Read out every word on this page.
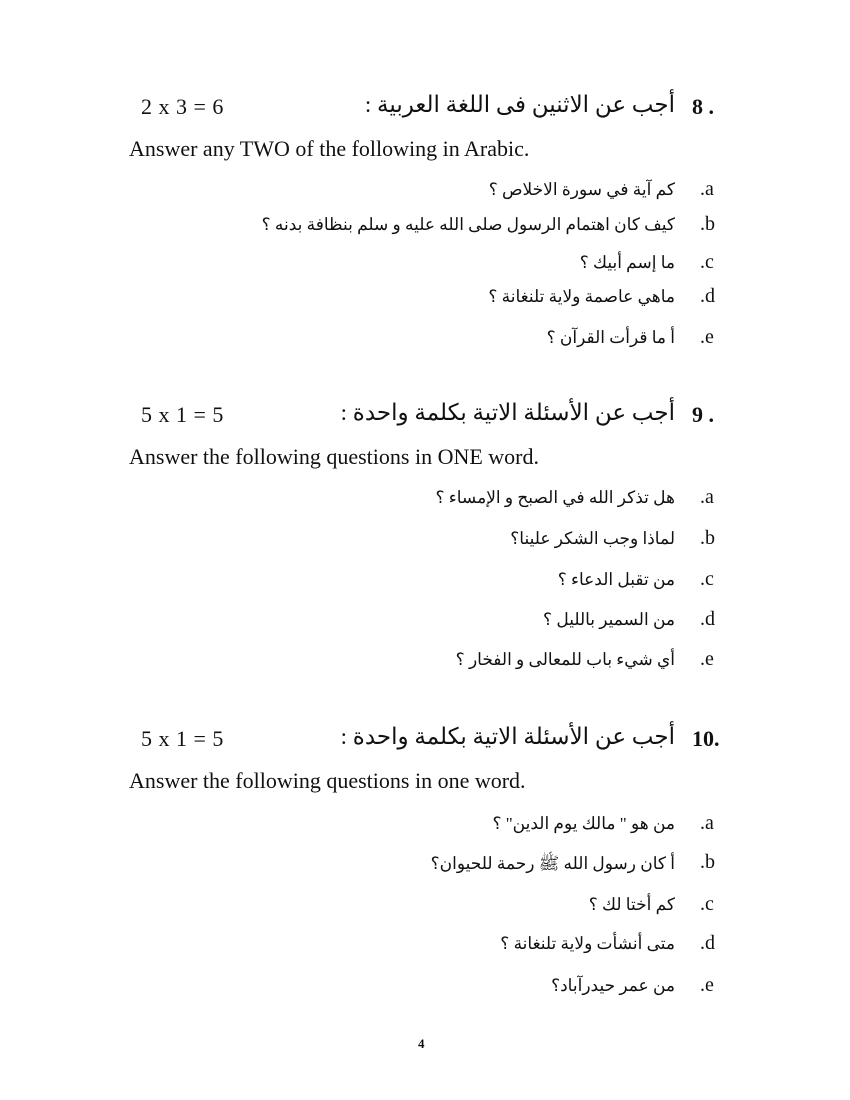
2 x 3 = 6	أجب عن الاثنين فى اللغة العربية : 8 .
Answer any TWO of the following in Arabic.
كم آية في سورة الاخلاص ؟ .a
كيف كان اهتمام الرسول صلى الله عليه و سلم بنظافة بدنه ؟ .b
ما إسم أبيك ؟ .c
ماهي عاصمة ولاية تلنغانة ؟ .d
أ ما قرأت القرآن ؟ .e
5 x 1 = 5	أجب عن الأسئلة الاتية بكلمة واحدة : 9 .
Answer the following questions in ONE word.
هل تذكر الله في الصبح و الإمساء ؟ .a
لماذا وجب الشكر علينا؟ .b
من تقبل الدعاء ؟ .c
من السمير بالليل ؟ .d
أي شيء باب للمعالى و الفخار ؟ .e
5 x 1 = 5	أجب عن الأسئلة الاتية بكلمة واحدة : 10.
Answer the following questions in one word.
من هو " مالك يوم الدين" ؟ .a
أ كان رسول الله ﷺ رحمة للحيوان؟ .b
كم أختا لك ؟ .c
متى أنشأت ولاية تلنغانة ؟ .d
من عمر حيدرآباد؟ .e
4
